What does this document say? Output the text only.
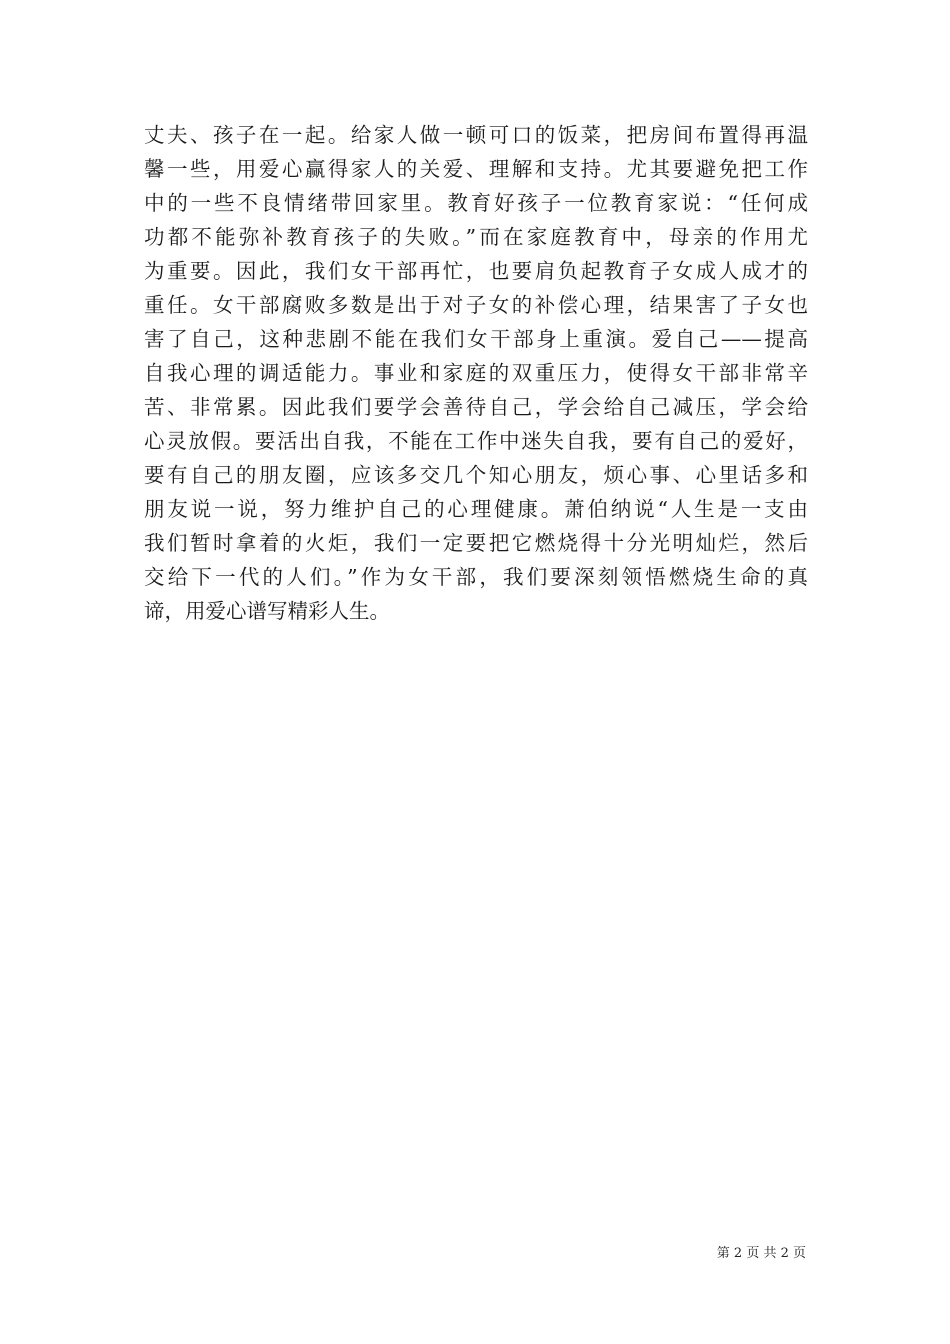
丈夫、孩子在一起。给家人做一顿可口的饭菜，把房间布置得再温
馨一些，用爱心赢得家人的关爱、理解和支持。尤其要避免把工作
中的一些不良情绪带回家里。教育好孩子一位教育家说：“任何成
功都不能弥补教育孩子的失败。”而在家庭教育中，母亲的作用尤
为重要。因此，我们女干部再忙，也要肩负起教育子女成人成才的
重任。女干部腐败多数是出于对子女的补偿心理，结果害了子女也
害了自己，这种悲剧不能在我们女干部身上重演。爱自己——提高
自我心理的调适能力。事业和家庭的双重压力，使得女干部非常辛
苦、非常累。因此我们要学会善待自己，学会给自己减压，学会给
心灵放假。要活出自我，不能在工作中迷失自我，要有自己的爱好，
要有自己的朋友圈，应该多交几个知心朋友，烦心事、心里话多和
朋友说一说，努力维护自己的心理健康。萧伯纳说“人生是一支由
我们暂时拿着的火炬，我们一定要把它燃烧得十分光明灿烂，然后
交给下一代的人们。”作为女干部，我们要深刻领悟燃烧生命的真
谛，用爱心谱写精彩人生。
第 2 页 共 2 页
